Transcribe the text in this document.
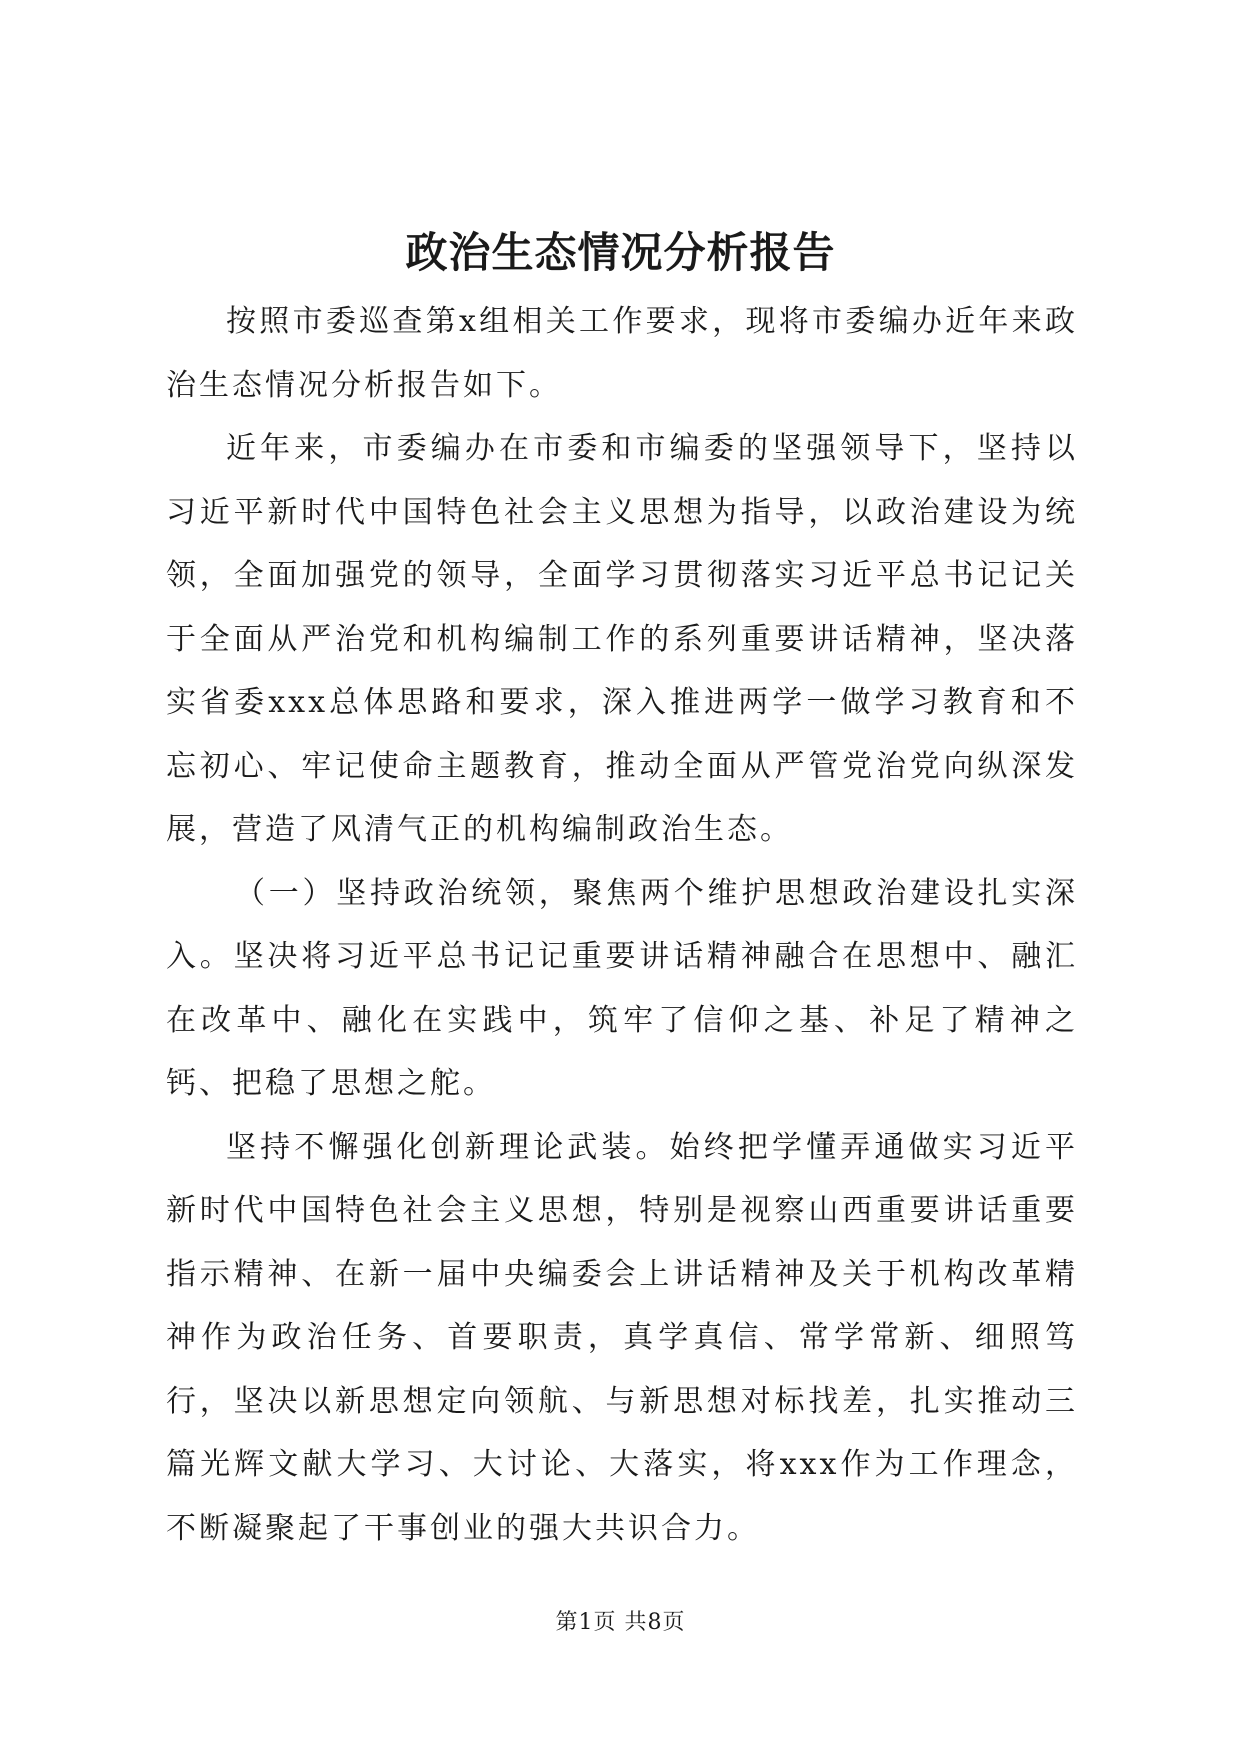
政治生态情况分析报告

按照市委巡查第x组相关工作要求，现将市委编办近年来政治生态情况分析报告如下。

近年来，市委编办在市委和市编委的坚强领导下，坚持以习近平新时代中国特色社会主义思想为指导，以政治建设为统领，全面加强党的领导，全面学习贯彻落实习近平总书记记关于全面从严治党和机构编制工作的系列重要讲话精神，坚决落实省委xxx总体思路和要求，深入推进两学一做学习教育和不忘初心、牢记使命主题教育，推动全面从严管党治党向纵深发展，营造了风清气正的机构编制政治生态。

（一）坚持政治统领，聚焦两个维护思想政治建设扎实深入。坚决将习近平总书记记重要讲话精神融合在思想中、融汇在改革中、融化在实践中，筑牢了信仰之基、补足了精神之钙、把稳了思想之舵。

坚持不懈强化创新理论武装。始终把学懂弄通做实习近平新时代中国特色社会主义思想，特别是视察山西重要讲话重要指示精神、在新一届中央编委会上讲话精神及关于机构改革精神作为政治任务、首要职责，真学真信、常学常新、细照笃行，坚决以新思想定向领航、与新思想对标找差，扎实推动三篇光辉文献大学习、大讨论、大落实，将xxx作为工作理念，不断凝聚起了干事创业的强大共识合力。

第1页 共8页
